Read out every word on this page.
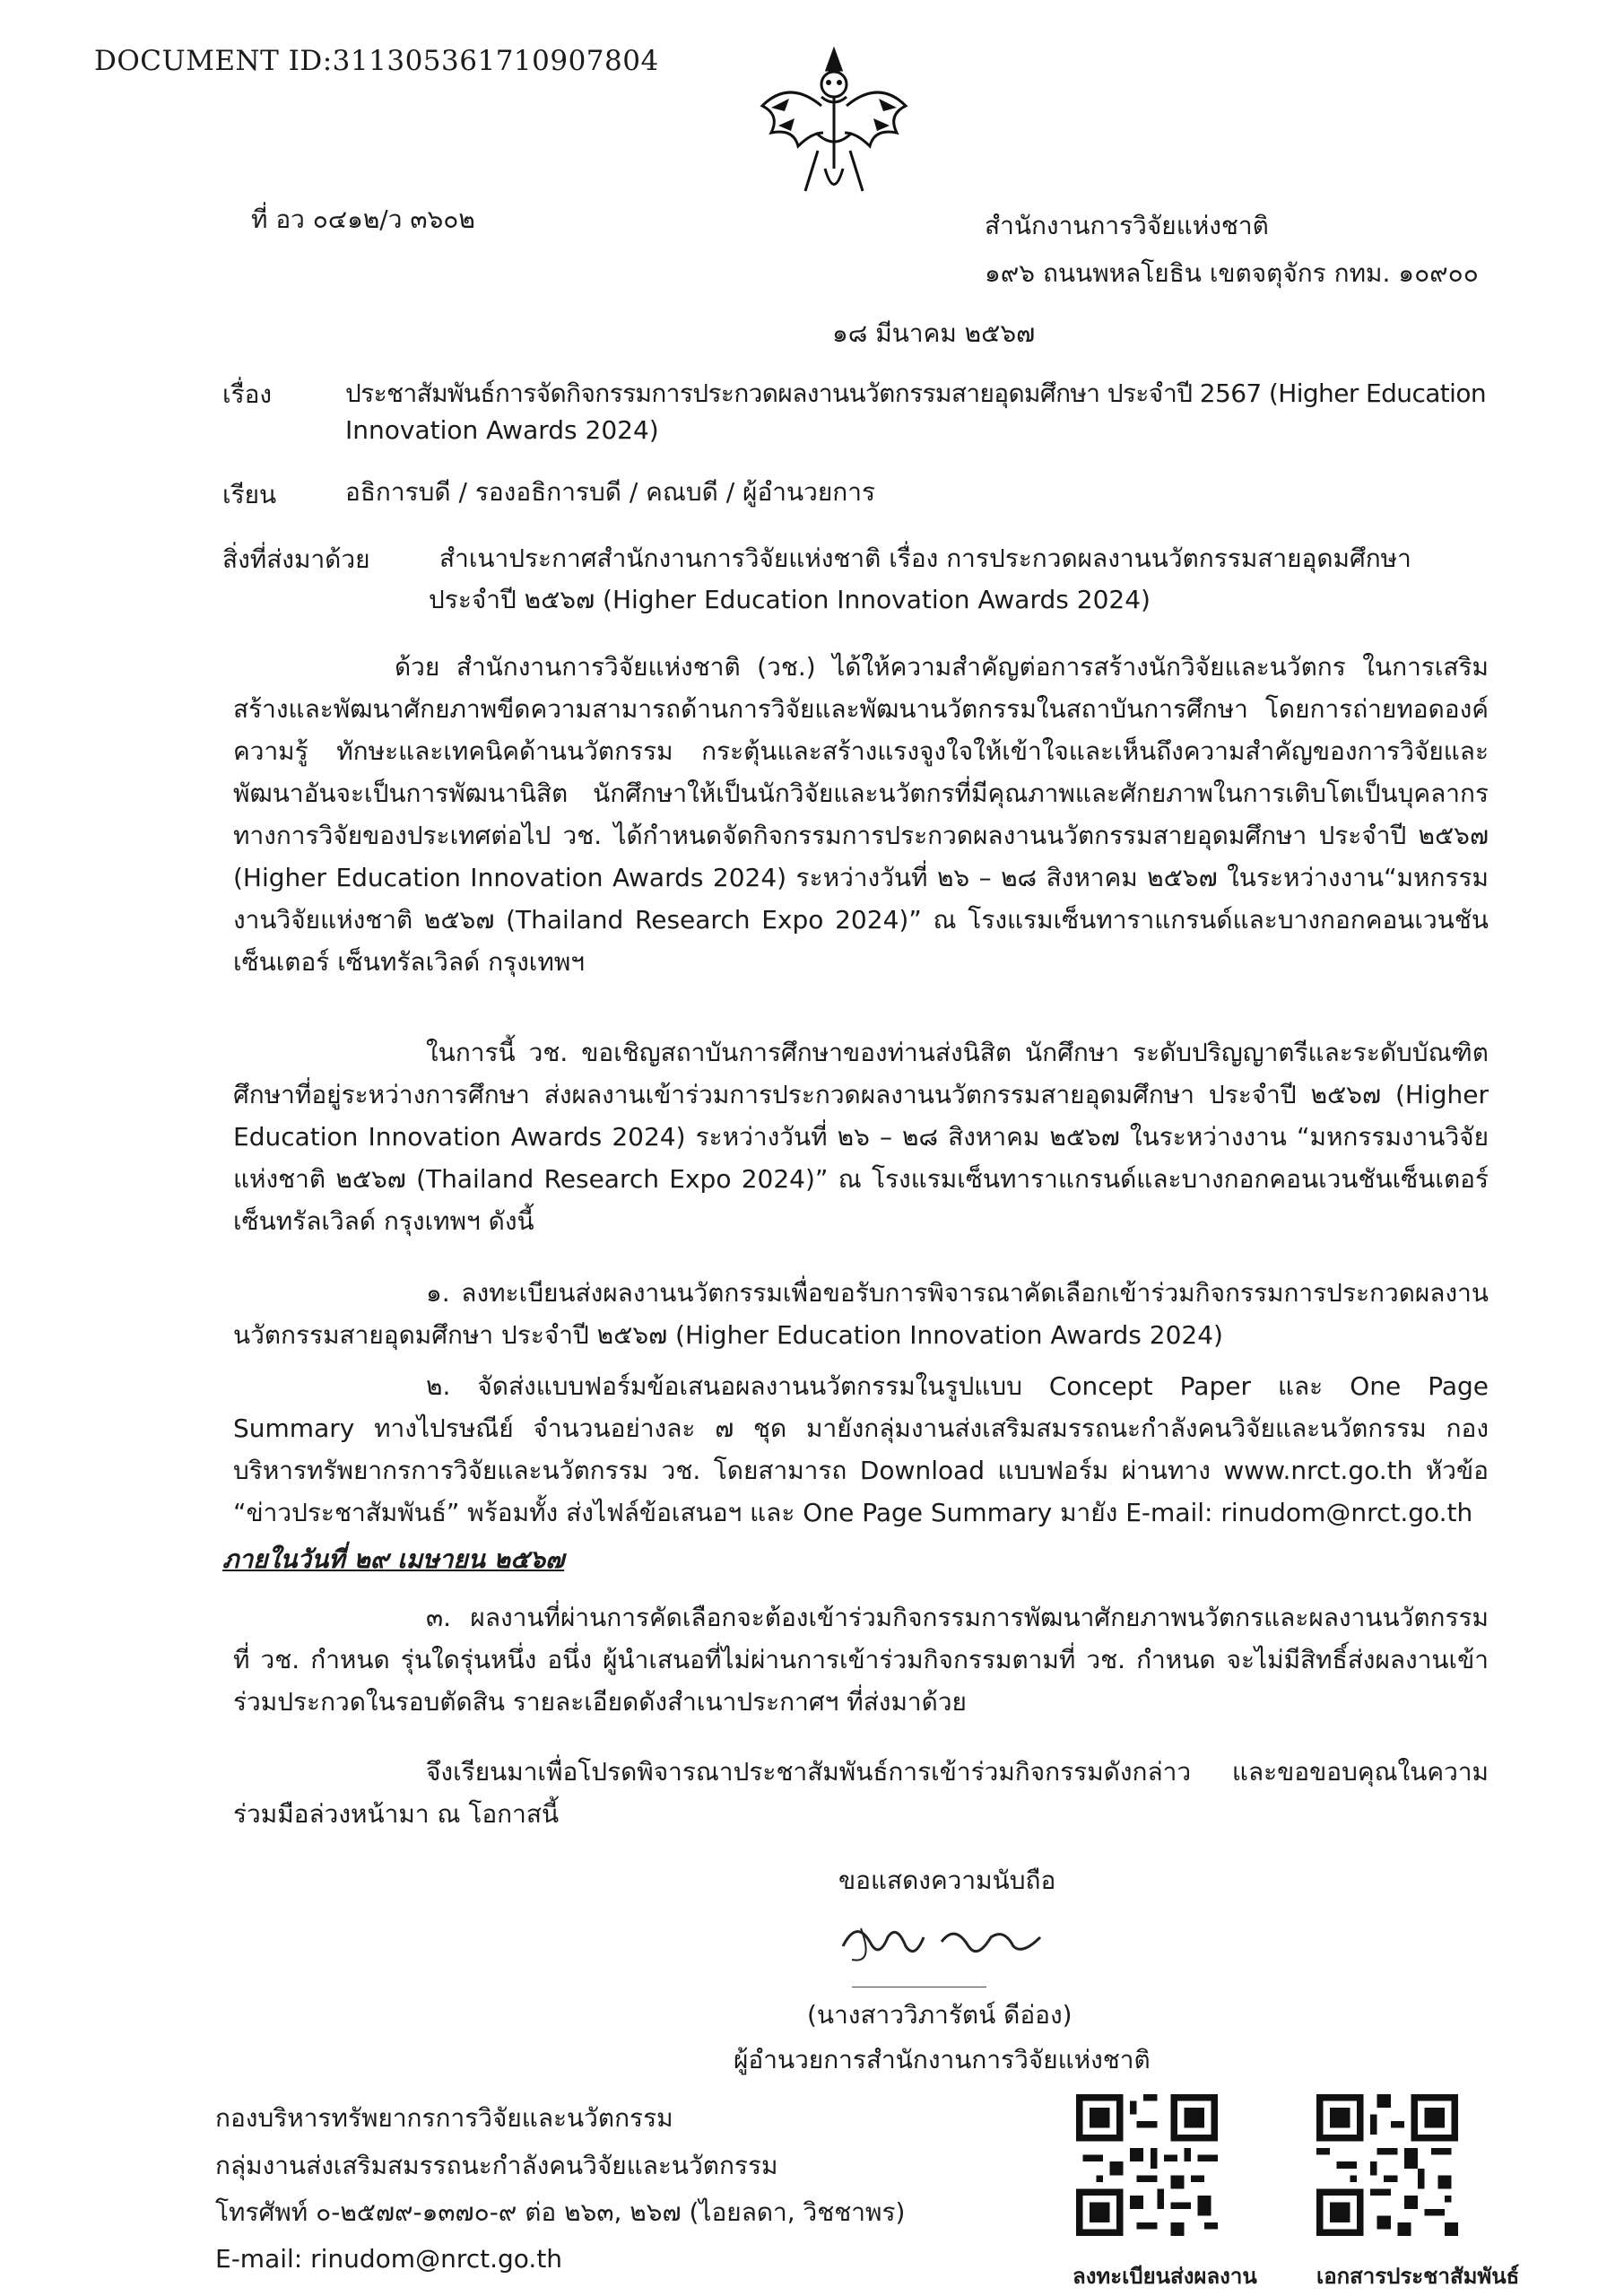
DOCUMENT ID:311305361710907804
ที่ อว ๐๔๑๒/ว ๓๖๐๒	สำนักงานการวิจัยแห่งชาติ
๑๙๖ ถนนพหลโยธิน เขตจตุจักร กทม. ๑๐๙๐๐
๑๘ มีนาคม ๒๕๖๗
เรื่อง	ประชาสัมพันธ์การจัดกิจกรรมการประกวดผลงานนวัตกรรมสายอุดมศึกษา ประจำปี 2567 (Higher Education
Innovation Awards 2024)
เรียน	อธิการบดี / รองอธิการบดี / คณบดี / ผู้อำนวยการ
สิ่งที่ส่งมาด้วย	สำเนาประกาศสำนักงานการวิจัยแห่งชาติ เรื่อง การประกวดผลงานนวัตกรรมสายอุดมศึกษา
ประจำปี ๒๕๖๗ (Higher Education Innovation Awards 2024)
ด้วย สำนักงานการวิจัยแห่งชาติ (วช.) ได้ให้ความสำคัญต่อการสร้างนักวิจัยและนวัตกร ในการเสริมสร้างและพัฒนาศักยภาพขีดความสามารถด้านการวิจัยและพัฒนานวัตกรรมในสถาบันการศึกษา โดยการถ่ายทอดองค์ความรู้ ทักษะและเทคนิคด้านนวัตกรรม กระตุ้นและสร้างแรงจูงใจให้เข้าใจและเห็นถึงความสำคัญของการวิจัยและพัฒนาอันจะเป็นการพัฒนานิสิต นักศึกษาให้เป็นนักวิจัยและนวัตกรที่มีคุณภาพและศักยภาพในการเติบโตเป็นบุคลากรทางการวิจัยของประเทศต่อไป วช. ได้กำหนดจัดกิจกรรมการประกวดผลงานนวัตกรรมสายอุดมศึกษา ประจำปี ๒๕๖๗ (Higher Education Innovation Awards 2024) ระหว่างวันที่ ๒๖ – ๒๘ สิงหาคม ๒๕๖๗ ในระหว่างงาน“มหกรรมงานวิจัยแห่งชาติ ๒๕๖๗ (Thailand Research Expo 2024)” ณ โรงแรมเซ็นทาราแกรนด์และบางกอกคอนเวนชันเซ็นเตอร์ เซ็นทรัลเวิลด์ กรุงเทพฯ
ในการนี้ วช. ขอเชิญสถาบันการศึกษาของท่านส่งนิสิต นักศึกษา ระดับปริญญาตรีและระดับบัณฑิตศึกษาที่อยู่ระหว่างการศึกษา ส่งผลงานเข้าร่วมการประกวดผลงานนวัตกรรมสายอุดมศึกษา ประจำปี ๒๕๖๗ (Higher Education Innovation Awards 2024) ระหว่างวันที่ ๒๖ – ๒๘ สิงหาคม ๒๕๖๗ ในระหว่างงาน “มหกรรมงานวิจัยแห่งชาติ ๒๕๖๗ (Thailand Research Expo 2024)” ณ โรงแรมเซ็นทาราแกรนด์และบางกอกคอนเวนชันเซ็นเตอร์ เซ็นทรัลเวิลด์ กรุงเทพฯ ดังนี้
๑. ลงทะเบียนส่งผลงานนวัตกรรมเพื่อขอรับการพิจารณาคัดเลือกเข้าร่วมกิจกรรมการประกวดผลงานนวัตกรรมสายอุดมศึกษา ประจำปี ๒๕๖๗ (Higher Education Innovation Awards 2024)
๒. จัดส่งแบบฟอร์มข้อเสนอผลงานนวัตกรรมในรูปแบบ Concept Paper และ One Page Summary ทางไปรษณีย์ จำนวนอย่างละ ๗ ชุด มายังกลุ่มงานส่งเสริมสมรรถนะกำลังคนวิจัยและนวัตกรรม กองบริหารทรัพยากรการวิจัยและนวัตกรรม วช. โดยสามารถ Download แบบฟอร์ม ผ่านทาง www.nrct.go.th หัวข้อ “ข่าวประชาสัมพันธ์” พร้อมทั้ง ส่งไฟล์ข้อเสนอฯ และ One Page Summary มายัง E-mail: rinudom@nrct.go.th
ภายในวันที่ ๒๙ เมษายน ๒๕๖๗
๓. ผลงานที่ผ่านการคัดเลือกจะต้องเข้าร่วมกิจกรรมการพัฒนาศักยภาพนวัตกรและผลงานนวัตกรรมที่ วช. กำหนด รุ่นใดรุ่นหนึ่ง อนึ่ง ผู้นำเสนอที่ไม่ผ่านการเข้าร่วมกิจกรรมตามที่ วช. กำหนด จะไม่มีสิทธิ์ส่งผลงานเข้าร่วมประกวดในรอบตัดสิน รายละเอียดดังสำเนาประกาศฯ ที่ส่งมาด้วย
จึงเรียนมาเพื่อโปรดพิจารณาประชาสัมพันธ์การเข้าร่วมกิจกรรมดังกล่าว และขอขอบคุณในความร่วมมือล่วงหน้ามา ณ โอกาสนี้
ขอแสดงความนับถือ
(นางสาววิภารัตน์ ดีอ่อง)
ผู้อำนวยการสำนักงานการวิจัยแห่งชาติ
กองบริหารทรัพยากรการวิจัยและนวัตกรรม
กลุ่มงานส่งเสริมสมรรถนะกำลังคนวิจัยและนวัตกรรม
โทรศัพท์ ๐-๒๕๗๙-๑๓๗๐-๙ ต่อ ๒๖๓, ๒๖๗ (ไอยลดา, วิชชาพร)
E-mail: rinudom@nrct.go.th
ลงทะเบียนส่งผลงาน	เอกสารประชาสัมพันธ์
